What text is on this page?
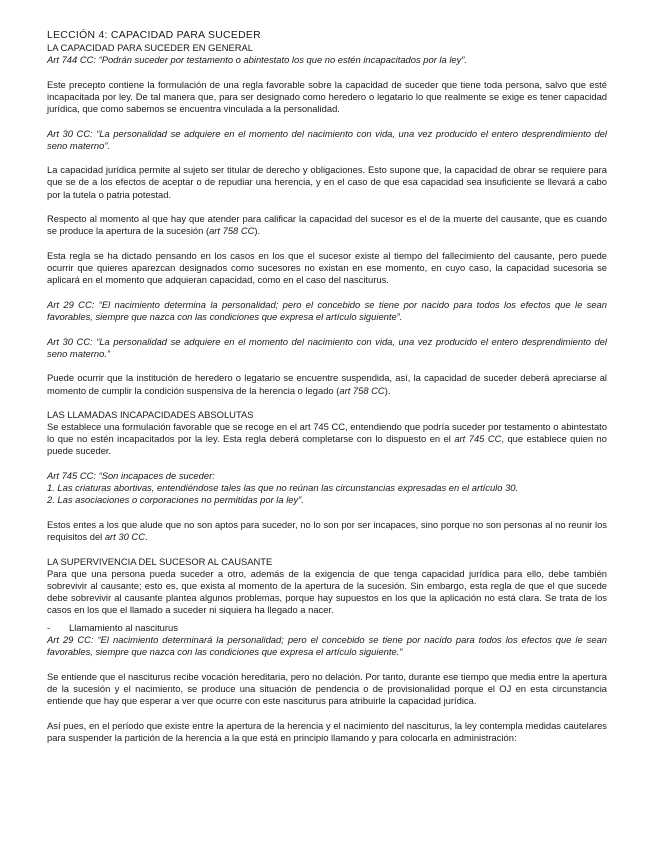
LECCIÓN 4: CAPACIDAD PARA SUCEDER
LA CAPACIDAD PARA SUCEDER EN GENERAL

Art 744 CC: “Podrán suceder por testamento o abintestato los que no estén incapacitados por la ley”.

Este precepto contiene la formulación de una regla favorable sobre la capacidad de suceder que tiene toda persona, salvo que esté incapacitada por ley. De tal manera que, para ser designado como heredero o legatario lo que realmente se exige es tener capacidad jurídica, que como sabemos se encuentra vinculada a la personalidad.

Art 30 CC: “La personalidad se adquiere en el momento del nacimiento con vida, una vez producido el entero desprendimiento del seno materno”.

La capacidad jurídica permite al sujeto ser titular de derecho y obligaciones. Esto supone que, la capacidad de obrar se requiere para que se de a los efectos de aceptar o de repudiar una herencia, y en el caso de que esa capacidad sea insuficiente se llevará a cabo por la tutela o patria potestad.

Respecto al momento al que hay que atender para calificar la capacidad del sucesor es el de la muerte del causante, que es cuando se produce la apertura de la sucesión (art 758 CC).

Esta regla se ha dictado pensando en los casos en los que el sucesor existe al tiempo del fallecimiento del causante, pero puede ocurrir que quieres aparezcan designados como sucesores no existan en ese momento, en cuyo caso, la capacidad sucesoria se aplicará en el momento que adquieran capacidad, como en el caso del nasciturus.

Art 29 CC: “El nacimiento determina la personalidad; pero el concebido se tiene por nacido para todos los efectos que le sean favorables, siempre que nazca con las condiciones que expresa el artículo siguiente”.

Art 30 CC: “La personalidad se adquiere en el momento del nacimiento con vida, una vez producido el entero desprendimiento del seno materno.”

Puede ocurrir que la institución de heredero o legatario se encuentre suspendida, así, la capacidad de suceder deberá apreciarse al momento de cumplir la condición suspensiva de la herencia o legado (art 758 CC).

LAS LLAMADAS INCAPACIDADES ABSOLUTAS

Se establece una formulación favorable que se recoge en el art 745 CC, entendiendo que podría suceder por testamento o abintestato lo que no estén incapacitados por la ley. Esta regla deberá completarse con lo dispuesto en el art 745 CC, que establece quien no puede suceder.

Art 745 CC: “Son incapaces de suceder:

1. Las criaturas abortivas, entendiéndose tales las que no reúnan las circunstancias expresadas en el artículo 30.

2. Las asociaciones o corporaciones no permitidas por la ley”.

Estos entes a los que alude que no son aptos para suceder, no lo son por ser incapaces, sino porque no son personas al no reunir los requisitos del art 30 CC.

LA SUPERVIVENCIA DEL SUCESOR AL CAUSANTE

Para que una persona pueda suceder a otro, además de la exigencia de que tenga capacidad jurídica para ello, debe también sobrevivir al causante; esto es, que exista al momento de la apertura de la sucesión. Sin embargo, esta regla de que el que sucede debe sobrevivir al causante plantea algunos problemas, porque hay supuestos en los que la aplicación no está clara. Se trata de los casos en los que el llamado a suceder ni siquiera ha llegado a nacer.

-	Llamamiento al nasciturus

Art 29 CC: “El nacimiento determinará la personalidad; pero el concebido se tiene por nacido para todos los efectos que le sean favorables, siempre que nazca con las condiciones que expresa el artículo siguiente.”

Se entiende que el nasciturus recibe vocación hereditaria, pero no delación. Por tanto, durante ese tiempo que media entre la apertura de la sucesión y el nacimiento, se produce una situación de pendencia o de provisionalidad porque el OJ en esta circunstancia entiende que hay que esperar a ver que ocurre con este nasciturus para atribuirle la capacidad jurídica.

Así pues, en el período que existe entre la apertura de la herencia y el nacimiento del nasciturus, la ley contempla medidas cautelares para suspender la partición de la herencia a la que está en principio llamando y para colocarla en administración:
